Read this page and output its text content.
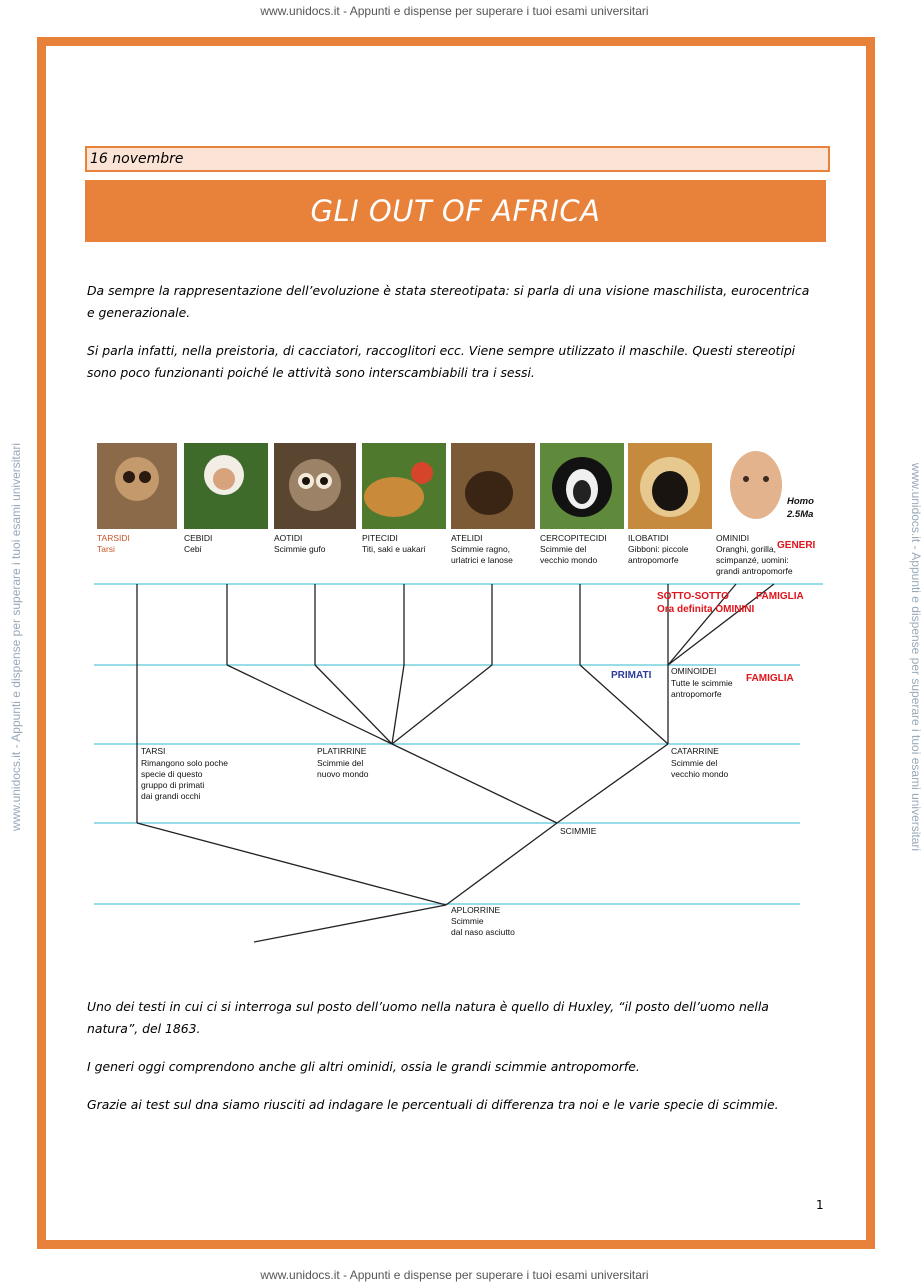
www.unidocs.it - Appunti e dispense per superare i tuoi esami universitari
www.unidocs.it - Appunti e dispense per superare i tuoi esami universitari
www.unidocs.it - Appunti e dispense per superare i tuoi esami universitari	www.unidocs.it - Appunti e dispense per superare i tuoi esami universitari
16 novembre
GLI OUT OF AFRICA

Da sempre la rappresentazione dell’evoluzione è stata stereotipata: si parla di una visione maschilista, eurocentrica e generazionale.

Si parla infatti, nella preistoria, di cacciatori, raccoglitori ecc. Viene sempre utilizzato il maschile. Questi stereotipi sono poco funzionanti poiché le attività sono interscambiabili tra i sessi.

Homo
2.5Ma
TARSIDI
Tarsi
CEBIDI
Cebi
AOTIDI
Scimmie gufo
PITECIDI
Titi, saki e uakari
ATELIDI
Scimmie ragno,
urlatrici e lanose
CERCOPITECIDI
Scimmie del
vecchio mondo
ILOBATIDI
Gibboni: piccole
antropomorfe
OMINIDI
Oranghi, gorilla,
scimpanzé, uomini:
grandi antropomorfe
TARSI
Rimangono solo poche
specie di questo
gruppo di primati
dai grandi occhi
PLATIRRINE
Scimmie del
nuovo mondo
CATARRINE
Scimmie del
vecchio mondo
OMINOIDEI
Tutte le scimmie
antropomorfe
SCIMMIE
APLORRINE
Scimmie
dal naso asciutto
GENERI
SOTTO-SOTTO	FAMIGLIA
Ora definita OMININI
PRIMATI	FAMIGLIA

Uno dei testi in cui ci si interroga sul posto dell’uomo nella natura è quello di Huxley, “il posto dell’uomo nella natura”, del 1863.

I generi oggi comprendono anche gli altri ominidi, ossia le grandi scimmie antropomorfe.

Grazie ai test sul dna siamo riusciti ad indagare le percentuali di differenza tra noi e le varie specie di scimmie.

1
